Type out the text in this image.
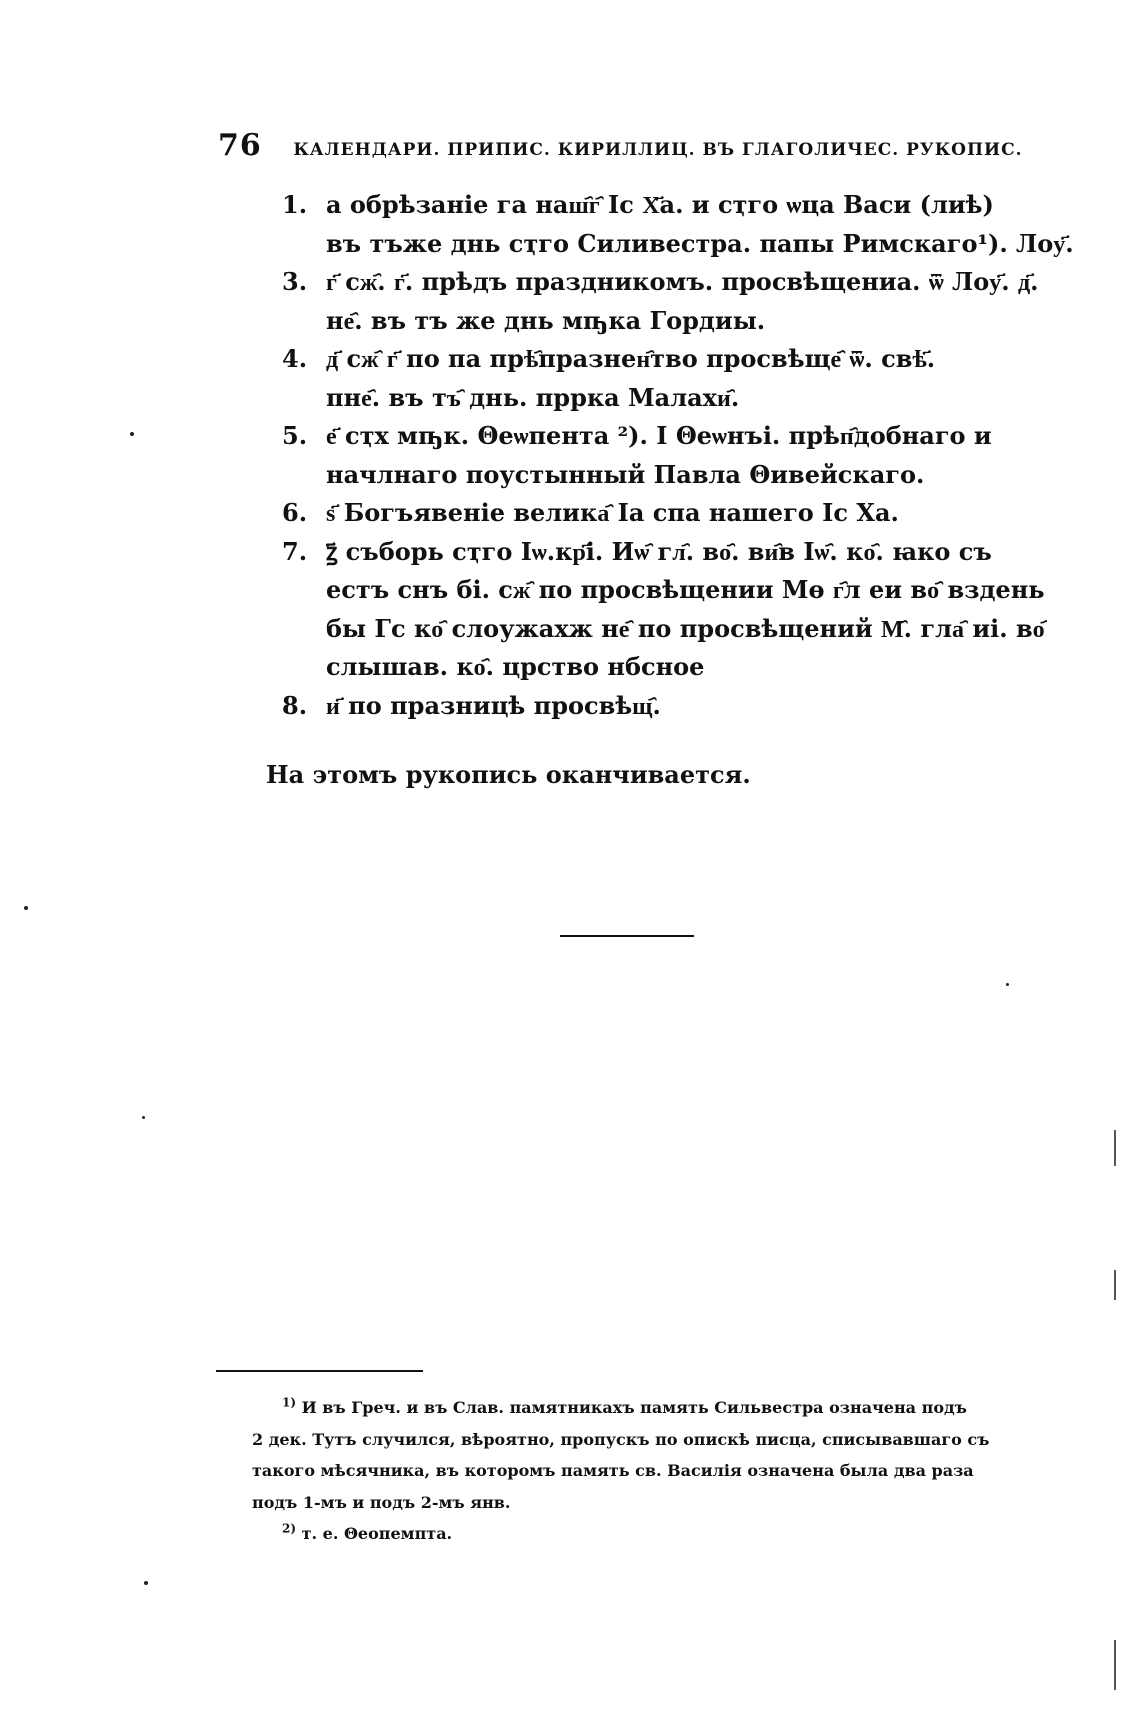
76 КАЛЕНДАРИ. ПРИПИС. КИРИЛЛИЦ. ВЪ ГЛАГОЛИЧЕС. РУКОПИС.
1. а обрѣзаніе га наш҄г҄ Іс Х҃а. и сҭго ѡца Васи (лиѣ)
въ тъже днь сҭго Силивестра. папы Римскаго¹). Лоу҃.
3. г҃ сж҄. г҃. прѣдъ праздникомъ. просвѣщениа. ѿ Лоу҃. д҃.
не҄. въ тъ же днь мҧка Гордиы.
4. д҃ сж҄ г҃ по па прѣ҄празнен҄тво просвѣще҄ ѿ. свѣ҃.
пне҄. въ тъ҄ днь. пррка Малахи҄.
5. е҃ сҭх мҧк. Θеѡпента ²). І Θеѡнъі. прѣп҄добнаго и
начлнаго поустынный Павла Θивейскаго.
6. ѕ҃ Богъявеніе велика҄ Іа спа нашего Іс Ха.
7. ꙁ҃ съборь сҭго Іѡ.кр҃і. Иѡ҄ гл҄. во҄. ви҄в Іѡ҄. ко҄. ꙗко съ
естъ снъ бі. сж҄ по просвѣщении Мө г҄л еи во҄ вздень
бы Гс ко҄ слоужахж не҄ по просвѣщений М҄. гла҄ иі. во҄
слышав. ко҄. црство нбсное
8. и҃ по празницѣ просвѣщ҄.
На этомъ рукопись оканчивается.
$^{1)}$ И въ Греч. и въ Слав. памятникахъ память Сильвестра означена подъ
2 дек. Тутъ случился, вѣроятно, пропускъ по опискѣ писца, списывавшаго съ
такого мѣсячника, въ которомъ память св. Василія означена была два раза
подъ 1-мъ и подъ 2-мъ янв.
$^{2)}$ т. е. Θеопемпта.
